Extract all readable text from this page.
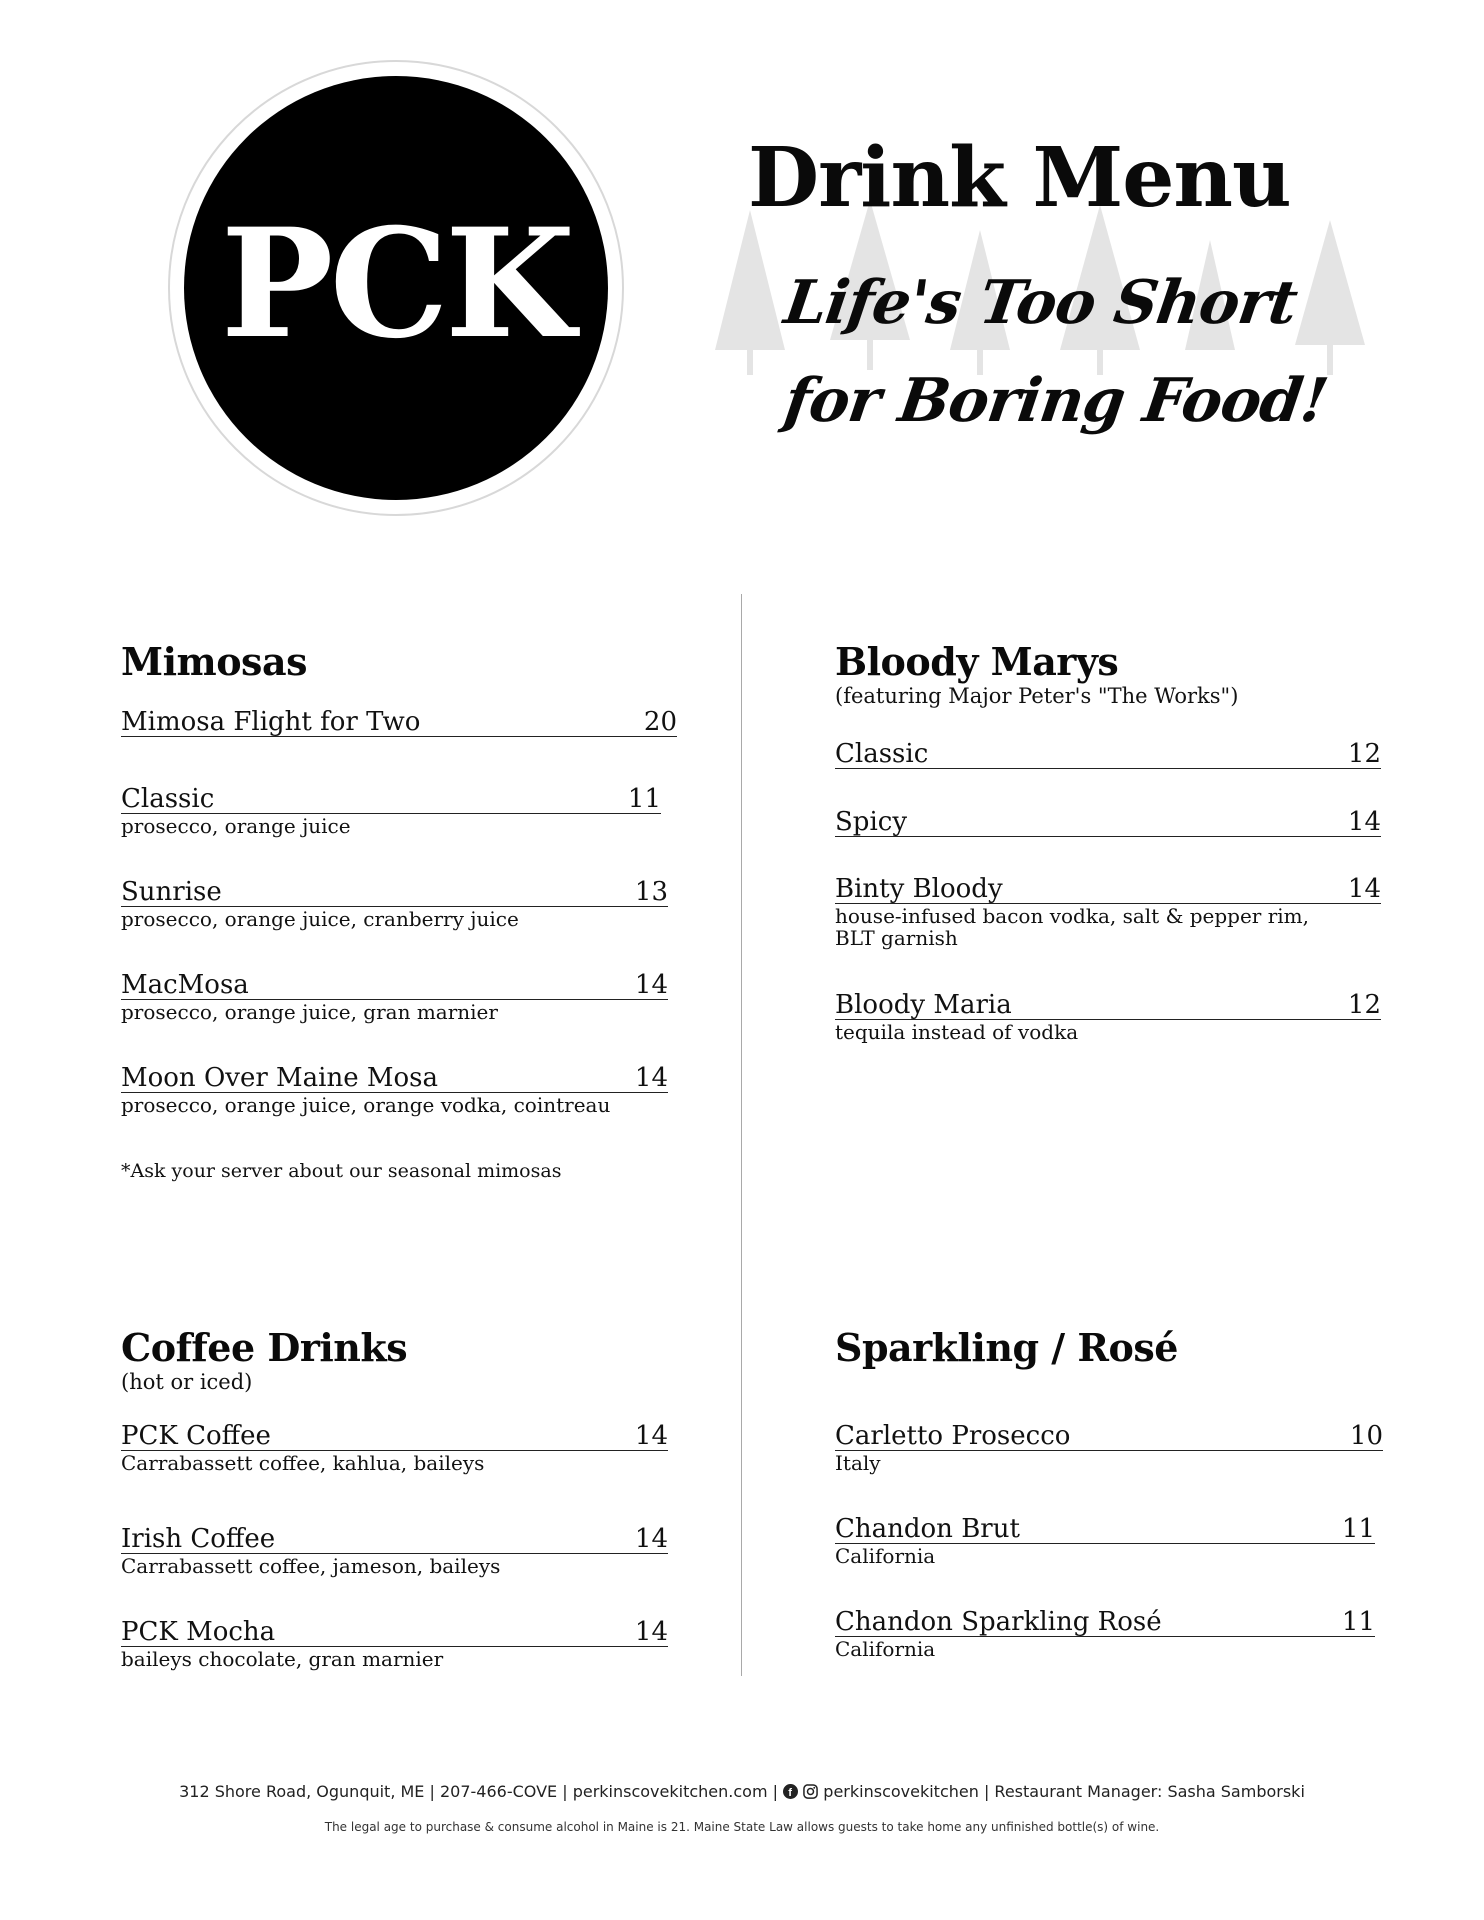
PCK
Drink Menu
Life's Too Short
for Boring Food!
Mimosas
Mimosa Flight for Two	20
Classic	11
prosecco, orange juice
Sunrise	13
prosecco, orange juice, cranberry juice
MacMosa	14
prosecco, orange juice, gran marnier
Moon Over Maine Mosa	14
prosecco, orange juice, orange vodka, cointreau
*Ask your server about our seasonal mimosas
Bloody Marys
(featuring Major Peter's "The Works")
Classic	12
Spicy	14
Binty Bloody	14
house-infused bacon vodka, salt & pepper rim, BLT garnish
Bloody Maria	12
tequila instead of vodka
Coffee Drinks
(hot or iced)
PCK Coffee	14
Carrabassett coffee, kahlua, baileys
Irish Coffee	14
Carrabassett coffee, jameson, baileys
PCK Mocha	14
baileys chocolate, gran marnier
Sparkling / Rosé
Carletto Prosecco	10
Italy
Chandon Brut	11
California
Chandon Sparkling Rosé	11
California
312 Shore Road, Ogunquit, ME | 207-466-COVE | perkinscovekitchen.com | f perkinscovekitchen | Restaurant Manager: Sasha Samborski
The legal age to purchase & consume alcohol in Maine is 21. Maine State Law allows guests to take home any unfinished bottle(s) of wine.
